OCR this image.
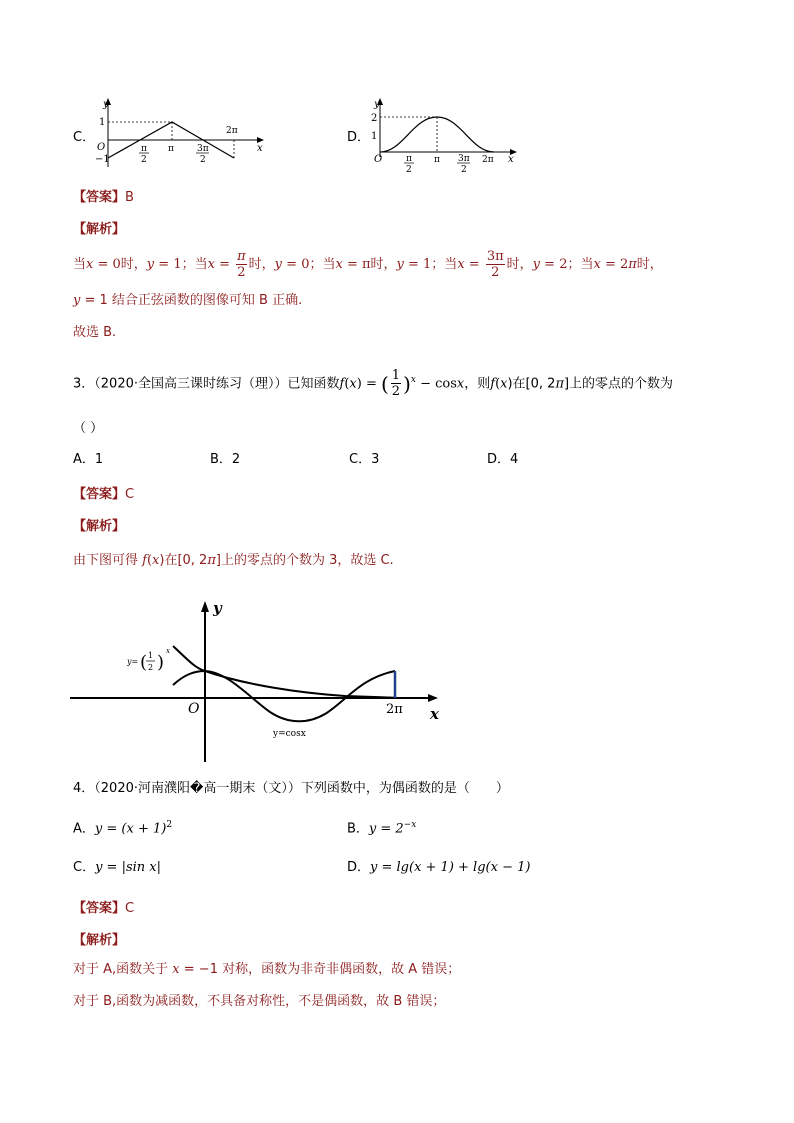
C．
y
x
O
1
−1
π
2
π	3π
2
2π	D．
y
x
O
2
1
π
2
π 3π
2
2π
【答案】B
【解析】
当x = 0时，y = 1；当$x = \frac{\pi}{2}$ 时，y = 0；当x = π时，y = 1；当$x = \frac{3\pi}{2}$ 时，y = 2；当x = 2π时，
y = 1 结合正弦函数的图像可知 B 正确.
故选 B.
3．（2020·全国高三课时练习（理））已知函数f(x) = ( $\frac{1}{2} )^x - \cos x$，则f(x)在[0, 2π]上的零点的个数为
（ ）
A．1	B．2	C．3	D．4
【答案】C
【解析】
由下图可得 f(x)在[0, 2π]上的零点的个数为 3，故选 C.
y
x
O	2π
y= ( 1
2 )
x
y=cosx
4．（2020·河南濮阳�高一期末（文））下列函数中，为偶函数的是（　　）
A．$y = (x + 1)^2$	B．$y = 2^{-x}$
C．y = |sin x|	D．y = lg(x + 1) + lg(x − 1)
【答案】C
【解析】
对于 A,函数关于 x = −1 对称，函数为非奇非偶函数，故 A 错误；
对于 B,函数为减函数，不具备对称性，不是偶函数，故 B 错误；
